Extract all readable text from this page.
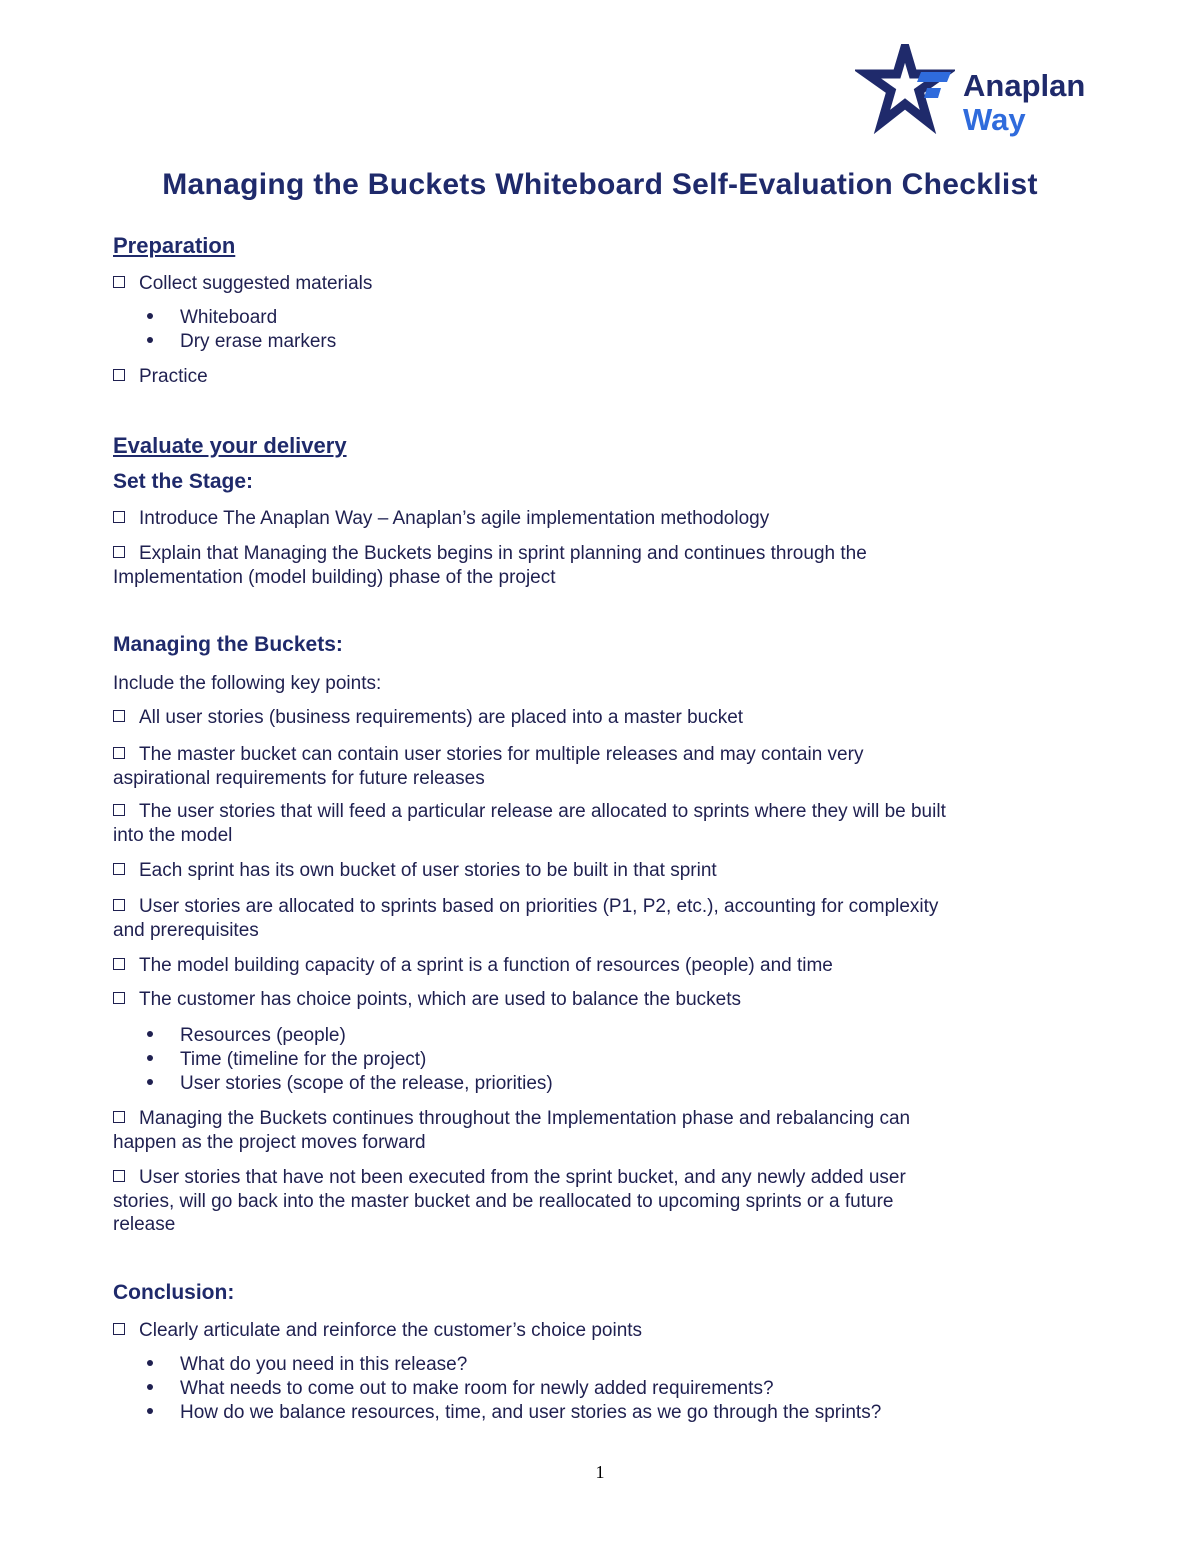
Anaplan
Way
Managing the Buckets Whiteboard Self-Evaluation Checklist
Preparation
Collect suggested materials
Whiteboard
Dry erase markers
Practice
Evaluate your delivery
Set the Stage:
Introduce The Anaplan Way – Anaplan’s agile implementation methodology
Explain that Managing the Buckets begins in sprint planning and continues through the
Implementation (model building) phase of the project
Managing the Buckets:
Include the following key points:
All user stories (business requirements) are placed into a master bucket
The master bucket can contain user stories for multiple releases and may contain very
aspirational requirements for future releases
The user stories that will feed a particular release are allocated to sprints where they will be built
into the model
Each sprint has its own bucket of user stories to be built in that sprint
User stories are allocated to sprints based on priorities (P1, P2, etc.), accounting for complexity
and prerequisites
The model building capacity of a sprint is a function of resources (people) and time
The customer has choice points, which are used to balance the buckets
Resources (people)
Time (timeline for the project)
User stories (scope of the release, priorities)
Managing the Buckets continues throughout the Implementation phase and rebalancing can
happen as the project moves forward
User stories that have not been executed from the sprint bucket, and any newly added user
stories, will go back into the master bucket and be reallocated to upcoming sprints or a future
release
Conclusion:
Clearly articulate and reinforce the customer’s choice points
What do you need in this release?
What needs to come out to make room for newly added requirements?
How do we balance resources, time, and user stories as we go through the sprints?
1
